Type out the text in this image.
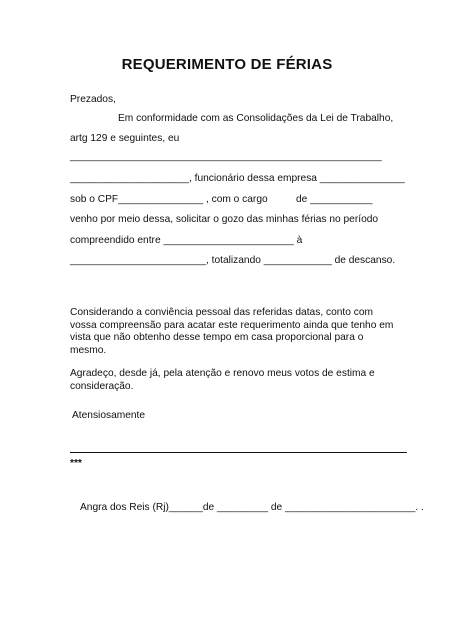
REQUERIMENTO DE FÉRIAS
Prezados,
Em conformidade com as Consolidações da Lei de Trabalho,
artg 129 e seguintes, eu
_______________________________________________________
_____________________, funcionário dessa empresa _______________
sob o CPF_______________ , com o cargo          de ___________
venho por meio dessa, solicitar o gozo das minhas férias no período
compreendido entre _______________________ à
________________________, totalizando ____________ de descanso.
Considerando a conviência pessoal das referidas datas, conto com vossa compreensão para acatar este requerimento ainda que tenho em vista que não obtenho desse tempo em casa proporcional para o mesmo.
Agradeço, desde já, pela atenção e renovo meus votos de estima e consideração.
Atensiosamente
***
Angra dos Reis (Rj)______de _________ de _______________________. .
